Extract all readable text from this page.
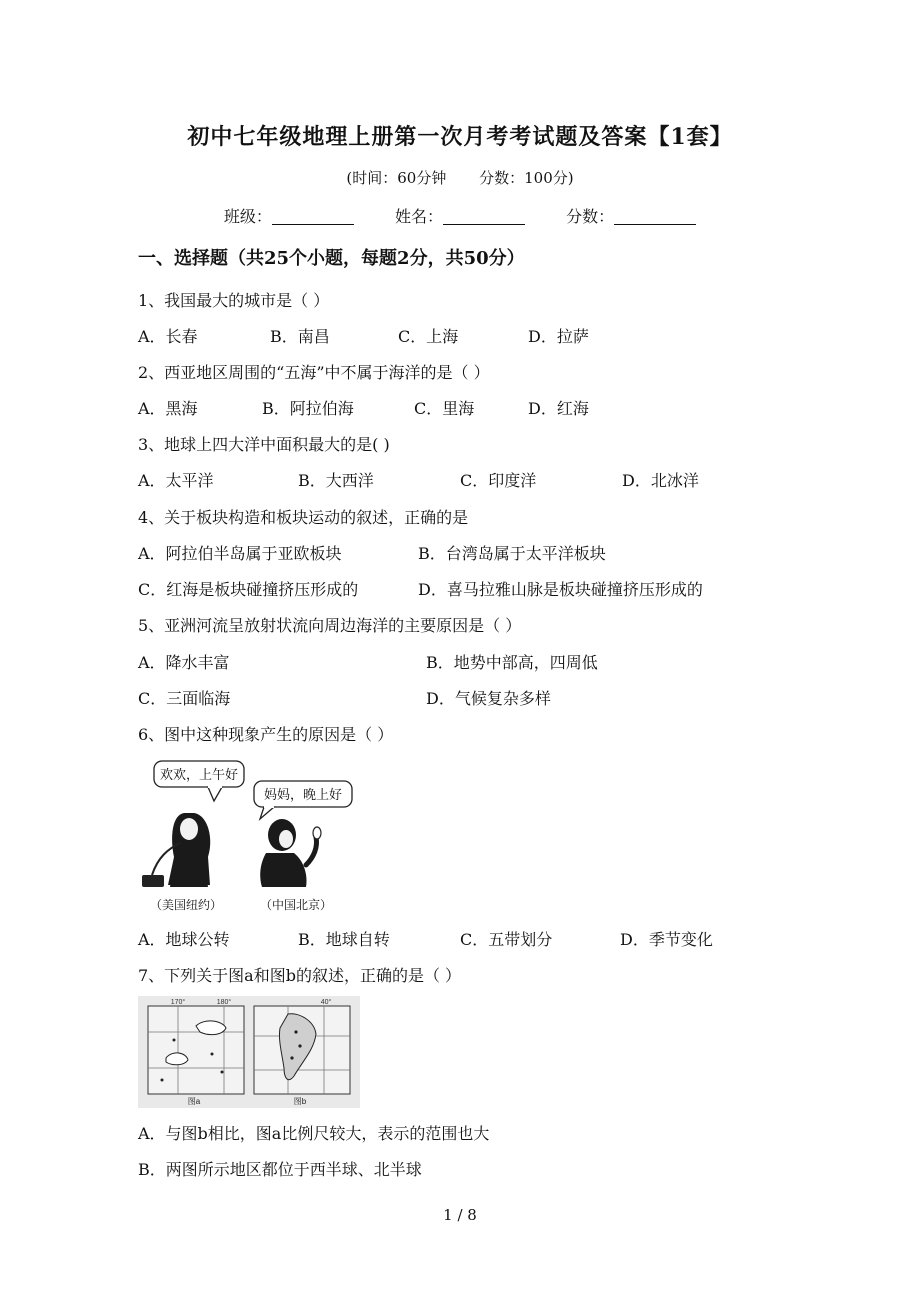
初中七年级地理上册第一次月考考试题及答案【1套】
(时间：60分钟 分数：100分)
班级：	姓名：	分数：
一、选择题（共25个小题，每题2分，共50分）
1、我国最大的城市是（ ）
A．长春	B．南昌	C．上海	D．拉萨
2、西亚地区周围的“五海”中不属于海洋的是（ ）
A．黑海	B．阿拉伯海	C．里海	D．红海
3、地球上四大洋中面积最大的是( )
A．太平洋	B．大西洋	C．印度洋	D．北冰洋
4、关于板块构造和板块运动的叙述，正确的是
A．阿拉伯半岛属于亚欧板块	B．台湾岛属于太平洋板块
C．红海是板块碰撞挤压形成的	D．喜马拉雅山脉是板块碰撞挤压形成的
5、亚洲河流呈放射状流向周边海洋的主要原因是（ ）
A．降水丰富	B．地势中部高，四周低
C．三面临海	D．气候复杂多样
6、图中这种现象产生的原因是（ ）
欢欢，上午好
妈妈，晚上好
（美国纽约）	（中国北京）
A．地球公转	B．地球自转	C．五带划分	D．季节变化
7、下列关于图a和图b的叙述，正确的是（ ）
170°	180°
图a
40°
图b
A．与图b相比，图a比例尺较大，表示的范围也大
B．两图所示地区都位于西半球、北半球
1 / 8
